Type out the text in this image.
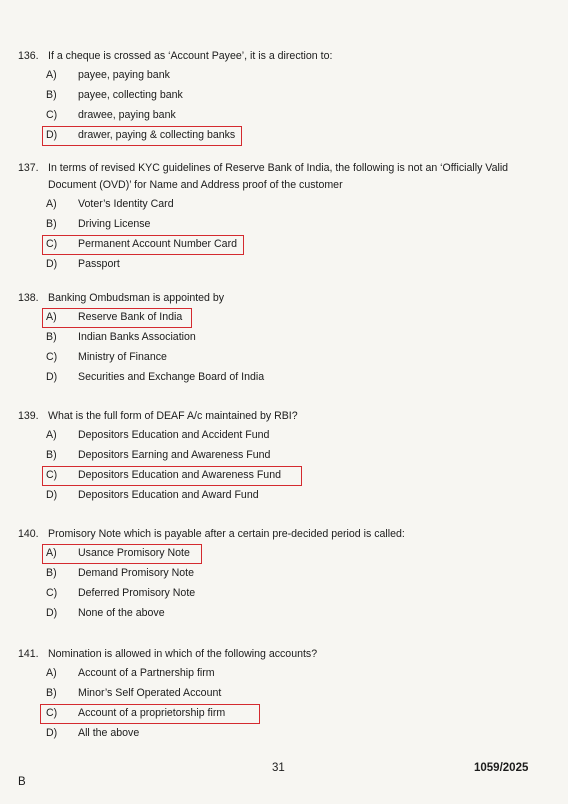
136. If a cheque is crossed as ‘Account Payee’, it is a direction to:
A)	payee, paying bank
B)	payee, collecting bank
C)	drawee, paying bank
D)	drawer, paying & collecting banks
137. In terms of revised KYC guidelines of Reserve Bank of India, the following is not an ‘Officially Valid Document (OVD)’ for Name and Address proof of the customer
A)	Voter’s Identity Card
B)	Driving License
C)	Permanent Account Number Card
D)	Passport
138. Banking Ombudsman is appointed by
A)	Reserve Bank of India
B)	Indian Banks Association
C)	Ministry of Finance
D)	Securities and Exchange Board of India
139. What is the full form of DEAF A/c maintained by RBI?
A)	Depositors Education and Accident Fund
B)	Depositors Earning and Awareness Fund
C)	Depositors Education and Awareness Fund
D)	Depositors Education and Award Fund
140. Promisory Note which is payable after a certain pre-decided period is called:
A)	Usance Promisory Note
B)	Demand Promisory Note
C)	Deferred Promisory Note
D)	None of the above
141. Nomination is allowed in which of the following accounts?
A)	Account of a Partnership firm
B)	Minor’s Self Operated Account
C)	Account of a proprietorship firm
D)	All the above
31	1059/2025
B
